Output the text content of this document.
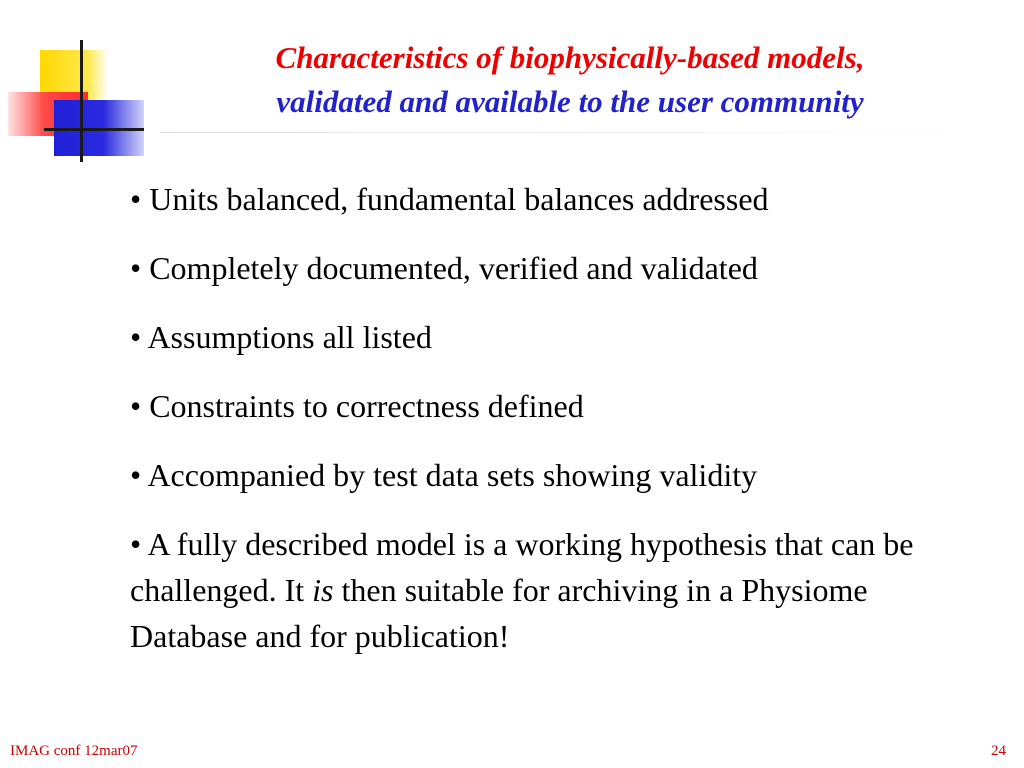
Characteristics of biophysically-based models,
validated and available to the user community
• Units balanced, fundamental balances addressed
• Completely documented, verified and validated
• Assumptions all listed
• Constraints to correctness defined
• Accompanied by test data sets showing validity
• A fully described model is a working hypothesis that can be challenged. It is then suitable for archiving in a Physiome Database and for publication!
IMAG conf 12mar07	24
